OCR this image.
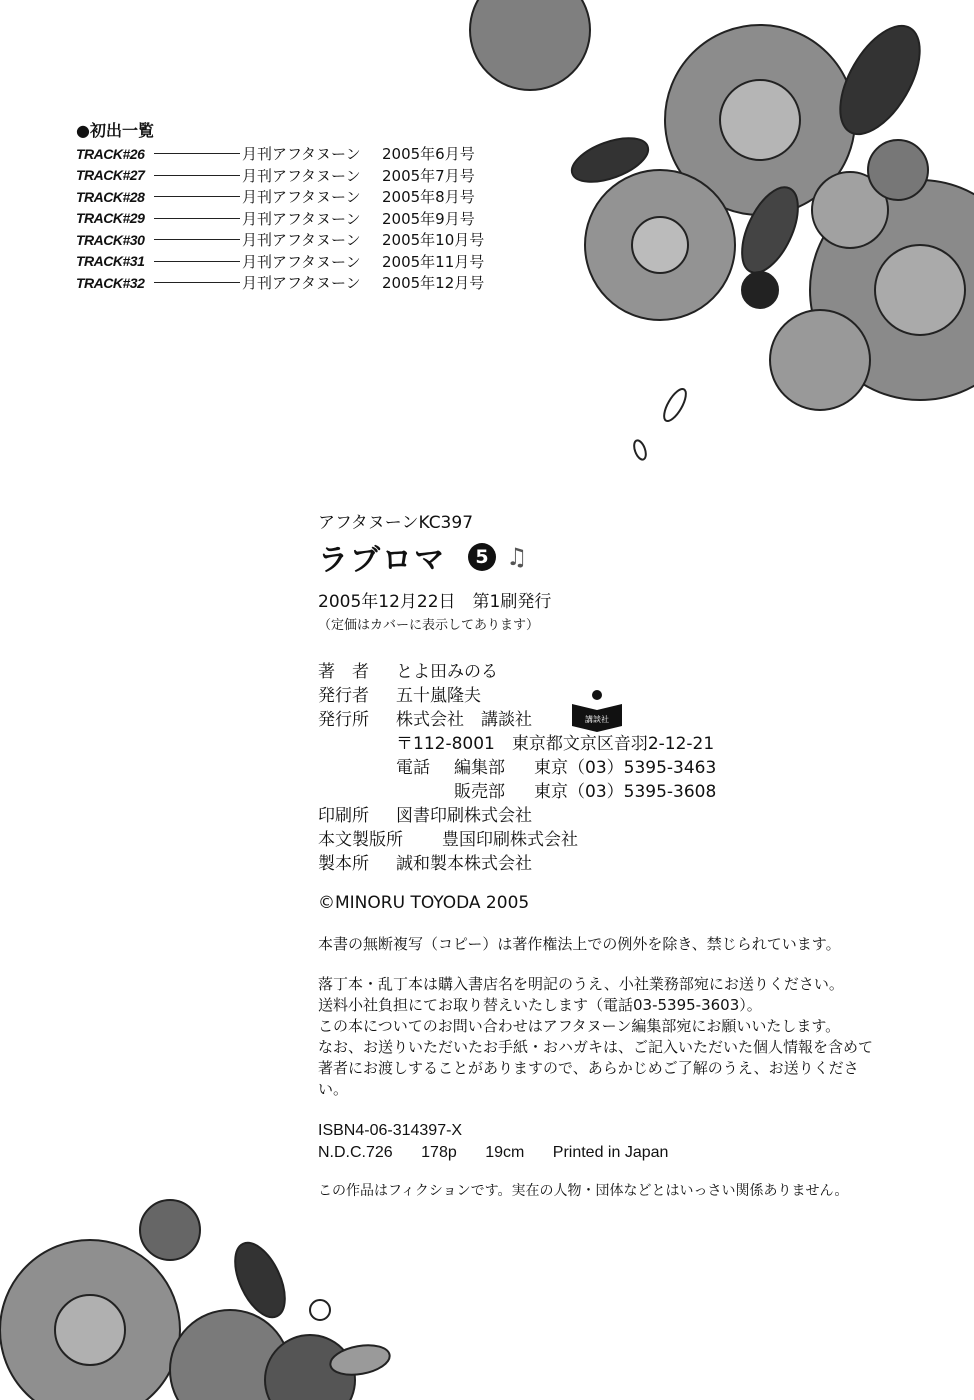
●初出一覧
TRACK#26	月刊アフタヌーン	2005年6月号
TRACK#27	月刊アフタヌーン	2005年7月号
TRACK#28	月刊アフタヌーン	2005年8月号
TRACK#29	月刊アフタヌーン	2005年9月号
TRACK#30	月刊アフタヌーン	2005年10月号
TRACK#31	月刊アフタヌーン	2005年11月号
TRACK#32	月刊アフタヌーン	2005年12月号
講談社
アフタヌーンKC397
ラブロマ	5 ♫
2005年12月22日　第1刷発行
（定価はカバーに表示してあります）
著　者	とよ田みのる
発行者	五十嵐隆夫
発行所	株式会社　講談社
〒112-8001　東京都文京区音羽2-12-21
電話	編集部	東京（03）5395-3463
販売部	東京（03）5395-3608
印刷所	図書印刷株式会社
本文製版所	豊国印刷株式会社
製本所	誠和製本株式会社
©MINORU TOYODA 2005
本書の無断複写（コピー）は著作権法上での例外を除き、禁じられています。
落丁本・乱丁本は購入書店名を明記のうえ、小社業務部宛にお送りください。
送料小社負担にてお取り替えいたします（電話03-5395-3603）。
この本についてのお問い合わせはアフタヌーン編集部宛にお願いいたします。
なお、お送りいただいたお手紙・おハガキは、ご記入いただいた個人情報を含めて
著者にお渡しすることがありますので、あらかじめご了解のうえ、お送りください。
ISBN4-06-314397-X
N.D.C.726 178p 19cm Printed in Japan
この作品はフィクションです。実在の人物・団体などとはいっさい関係ありません。
